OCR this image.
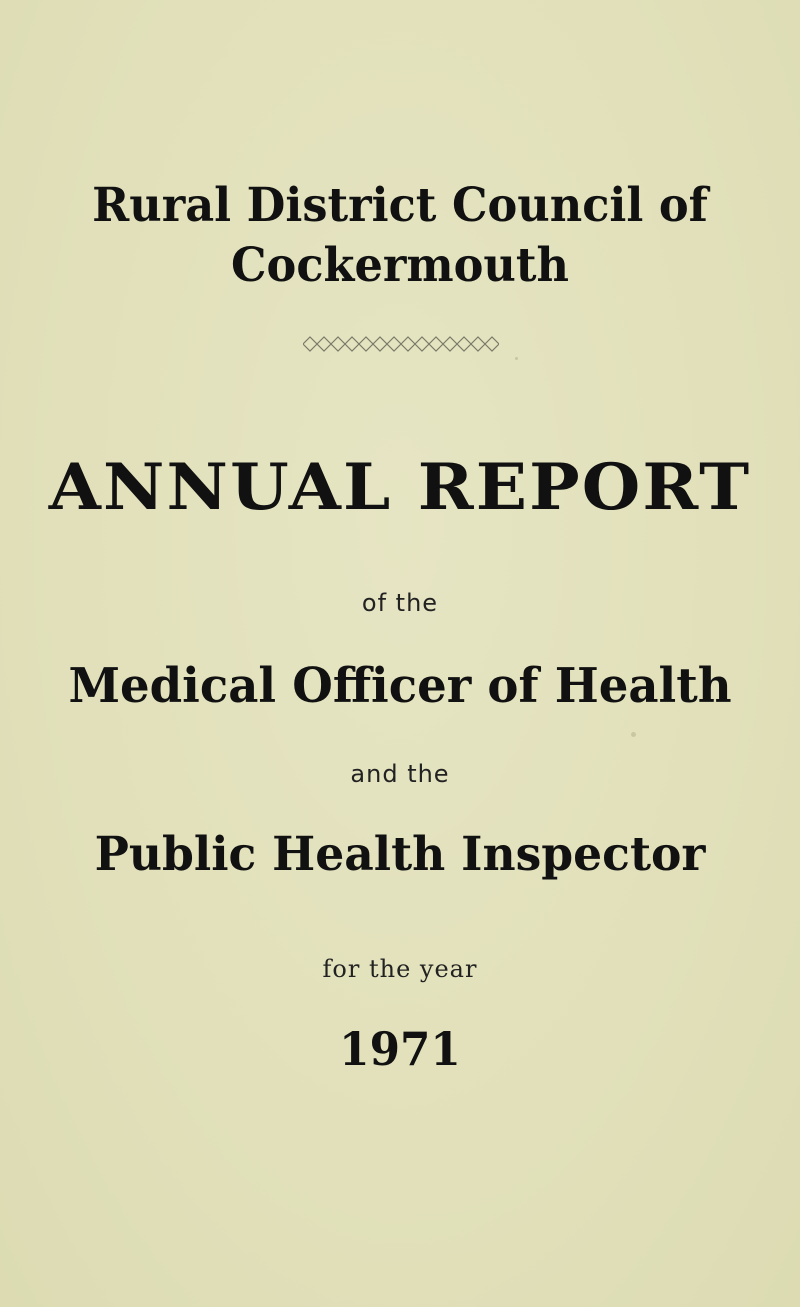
Rural District Council of
Cockermouth
ANNUAL REPORT
of the
Medical Officer of Health
and the
Public Health Inspector
for the year
1971
